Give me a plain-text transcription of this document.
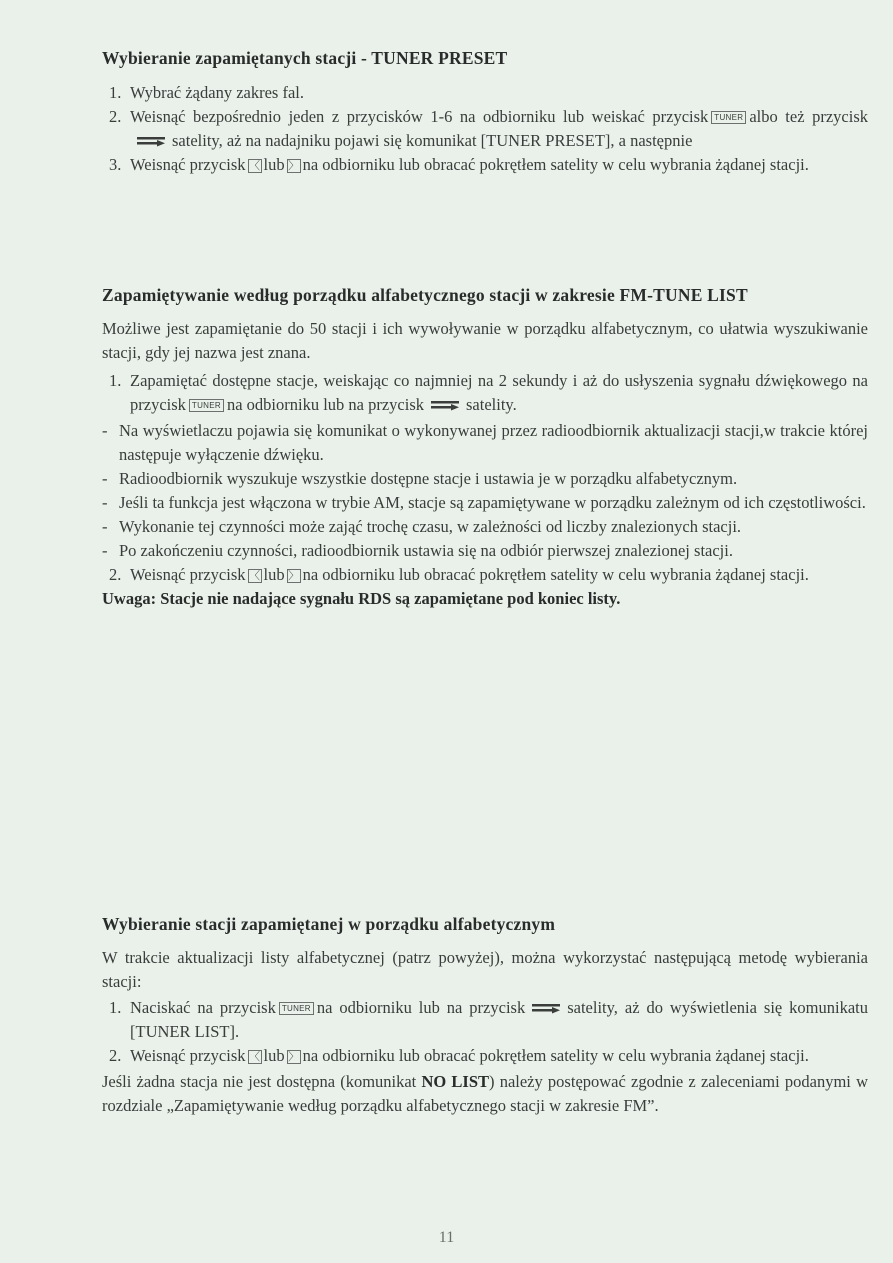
Wybieranie zapamiętanych stacji - TUNER PRESET
1. Wybrać żądany zakres fal.
2. Weisnąć bezpośrednio jeden z przycisków 1-6 na odbiorniku lub weiskać przycisk TUNER albo też przycisk
satelity, aż na nadajniku pojawi się komunikat [TUNER PRESET], a następnie
3. Weisnąć przycisk 〈 lub 〉 na odbiorniku lub obracać pokrętłem satelity w celu wybrania żądanej stacji.
Zapamiętywanie według porządku alfabetycznego stacji w zakresie FM-TUNE LIST

Możliwe jest zapamiętanie do 50 stacji i ich wywoływanie w porządku alfabetycznym, co ułatwia wyszukiwanie stacji, gdy jej nazwa jest znana.

1. Zapamiętać dostępne stacje, weiskając co najmniej na 2 sekundy i aż do usłyszenia sygnału dźwiękowego na przycisk TUNER na odbiorniku lub na przycisk	satelity.
- Na wyświetlaczu pojawia się komunikat o wykonywanej przez radioodbiornik aktualizacji stacji,w trakcie której następuje wyłączenie dźwięku.
- Radioodbiornik wyszukuje wszystkie dostępne stacje i ustawia je w porządku alfabetycznym.
- Jeśli ta funkcja jest włączona w trybie AM, stacje są zapamiętywane w porządku zależnym od ich częstotliwości.
- Wykonanie tej czynności może zająć trochę czasu, w zależności od liczby znalezionych stacji.
- Po zakończeniu czynności, radioodbiornik ustawia się na odbiór pierwszej znalezionej stacji.
2. Weisnąć przycisk 〈 lub 〉 na odbiorniku lub obracać pokrętłem satelity w celu wybrania żądanej stacji.
Uwaga: Stacje nie nadające sygnału RDS są zapamiętane pod koniec listy.
Wybieranie stacji zapamiętanej w porządku alfabetycznym

W trakcie aktualizacji listy alfabetycznej (patrz powyżej), można wykorzystać następującą metodę wybierania stacji:

1. Naciskać na przycisk TUNER na odbiorniku lub na przycisk	satelity, aż do wyświetlenia się komunikatu [TUNER LIST].
2. Weisnąć przycisk 〈 lub 〉 na odbiorniku lub obracać pokrętłem satelity w celu wybrania żądanej stacji.

Jeśli żadna stacja nie jest dostępna (komunikat NO LIST) należy postępować zgodnie z zaleceniami podanymi w rozdziale „Zapamiętywanie według porządku alfabetycznego stacji w zakresie FM”.

11
